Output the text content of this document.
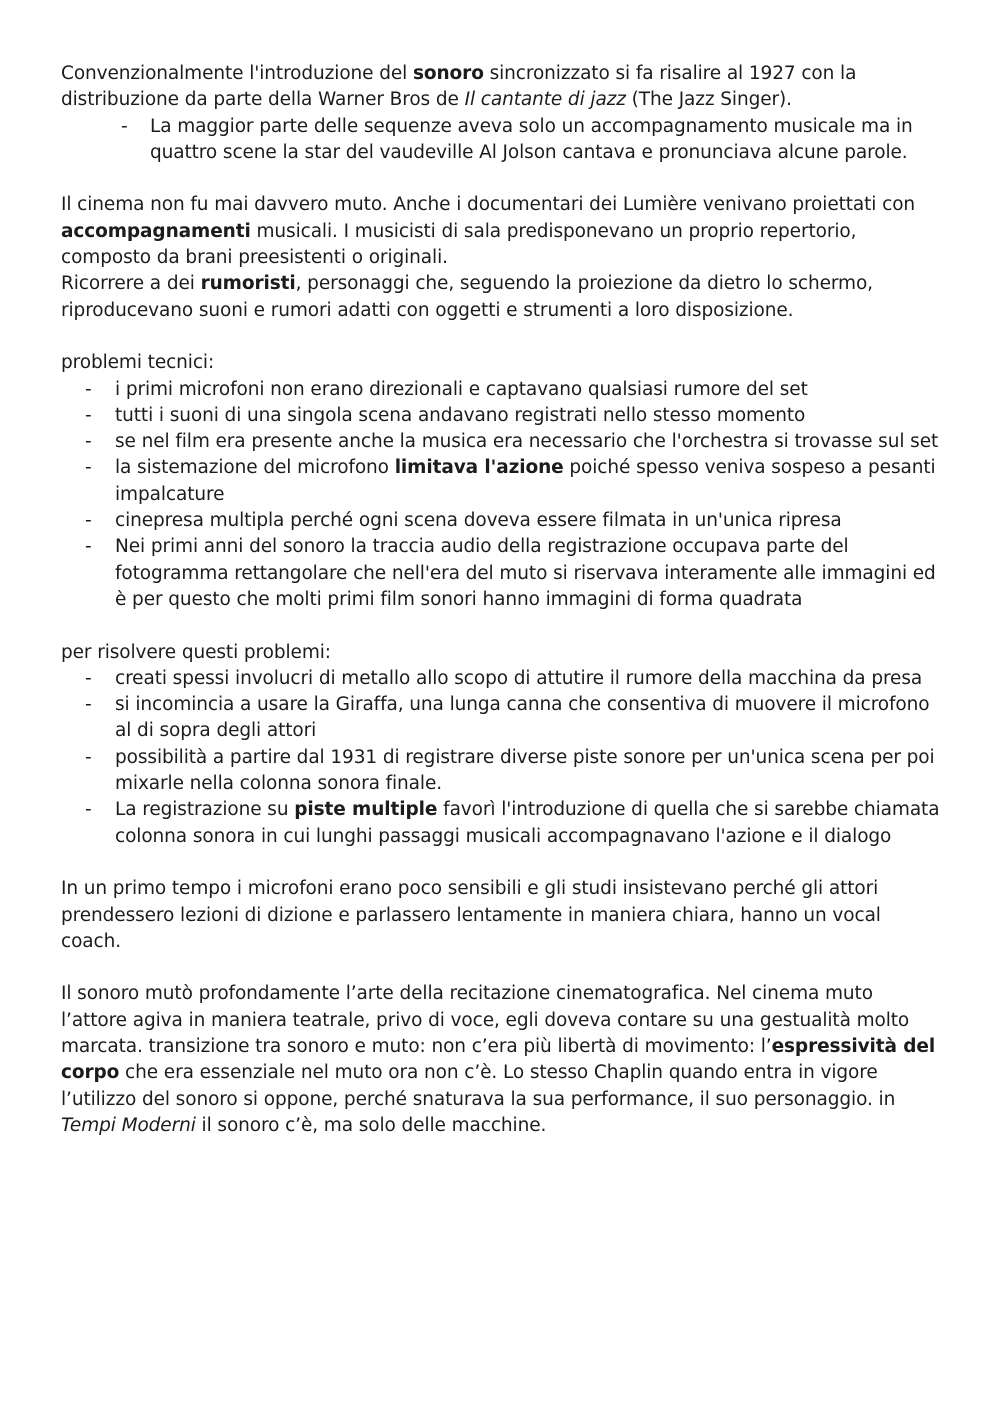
Convenzionalmente l'introduzione del sonoro sincronizzato si fa risalire al 1927 con la distribuzione da parte della Warner Bros de Il cantante di jazz (The Jazz Singer).

- La maggior parte delle sequenze aveva solo un accompagnamento musicale ma in quattro scene la star del vaudeville Al Jolson cantava e pronunciava alcune parole.

Il cinema non fu mai davvero muto. Anche i documentari dei Lumière venivano proiettati con accompagnamenti musicali. I musicisti di sala predisponevano un proprio repertorio, composto da brani preesistenti o originali.

Ricorrere a dei rumoristi, personaggi che, seguendo la proiezione da dietro lo schermo, riproducevano suoni e rumori adatti con oggetti e strumenti a loro disposizione.

problemi tecnici:

- i primi microfoni non erano direzionali e captavano qualsiasi rumore del set
- tutti i suoni di una singola scena andavano registrati nello stesso momento
- se nel film era presente anche la musica era necessario che l'orchestra si trovasse sul set
- la sistemazione del microfono limitava l'azione poiché spesso veniva sospeso a pesanti impalcature
- cinepresa multipla perché ogni scena doveva essere filmata in un'unica ripresa
- Nei primi anni del sonoro la traccia audio della registrazione occupava parte del fotogramma rettangolare che nell'era del muto si riservava interamente alle immagini ed è per questo che molti primi film sonori hanno immagini di forma quadrata

per risolvere questi problemi:

- creati spessi involucri di metallo allo scopo di attutire il rumore della macchina da presa
- si incomincia a usare la Giraffa, una lunga canna che consentiva di muovere il microfono al di sopra degli attori
- possibilità a partire dal 1931 di registrare diverse piste sonore per un'unica scena per poi mixarle nella colonna sonora finale.
- La registrazione su piste multiple favorì l'introduzione di quella che si sarebbe chiamata colonna sonora in cui lunghi passaggi musicali accompagnavano l'azione e il dialogo

In un primo tempo i microfoni erano poco sensibili e gli studi insistevano perché gli attori prendessero lezioni di dizione e parlassero lentamente in maniera chiara, hanno un vocal coach.

Il sonoro mutò profondamente l’arte della recitazione cinematografica. Nel cinema muto l’attore agiva in maniera teatrale, privo di voce, egli doveva contare su una gestualità molto marcata. transizione tra sonoro e muto: non c’era più libertà di movimento: l’espressività del corpo che era essenziale nel muto ora non c’è. Lo stesso Chaplin quando entra in vigore l’utilizzo del sonoro si oppone, perché snaturava la sua performance, il suo personaggio. in Tempi Moderni il sonoro c’è, ma solo delle macchine.
